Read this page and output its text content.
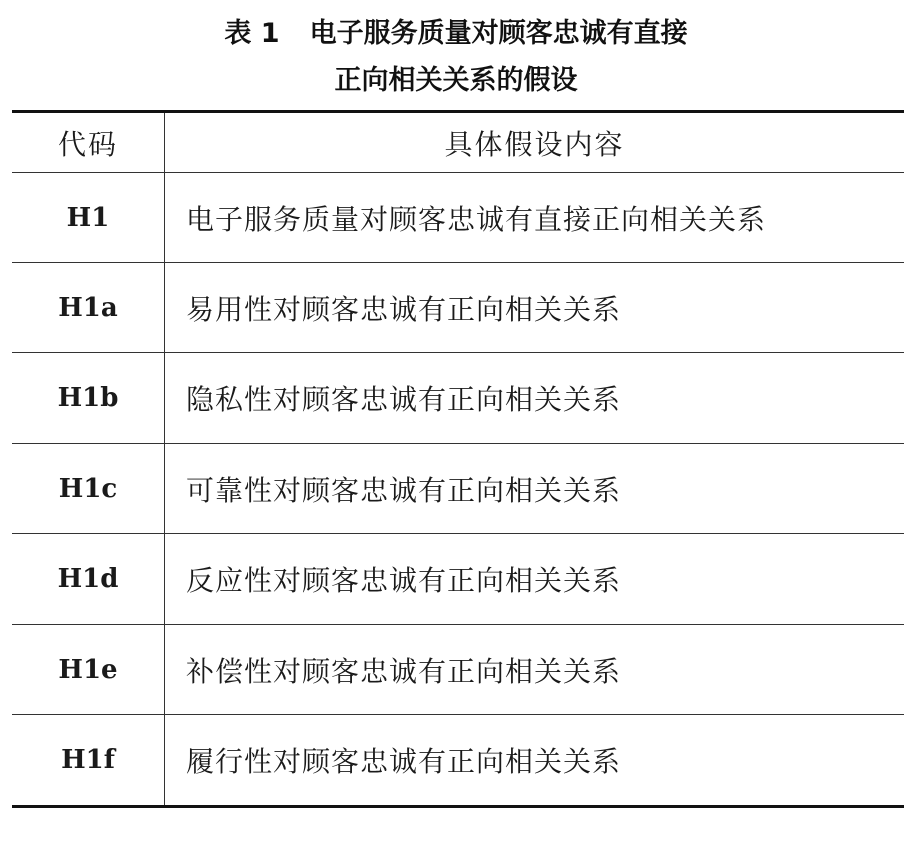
表 1 电子服务质量对顾客忠诚有直接
正向相关关系的假设
代码	具体假设内容
H1	电子服务质量对顾客忠诚有直接正向相关关系
H1a	易用性对顾客忠诚有正向相关关系
H1b	隐私性对顾客忠诚有正向相关关系
H1c	可靠性对顾客忠诚有正向相关关系
H1d	反应性对顾客忠诚有正向相关关系
H1e	补偿性对顾客忠诚有正向相关关系
H1f	履行性对顾客忠诚有正向相关关系
